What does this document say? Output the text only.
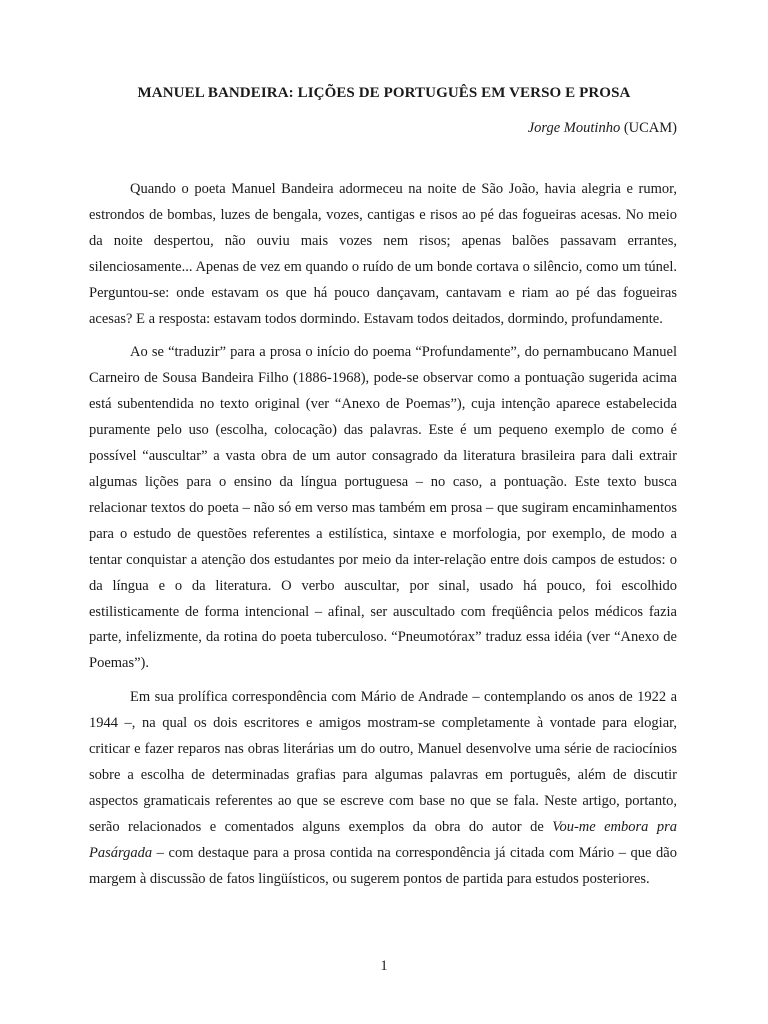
MANUEL BANDEIRA: LIÇÕES DE PORTUGUÊS EM VERSO E PROSA

Jorge Moutinho (UCAM)

Quando o poeta Manuel Bandeira adormeceu na noite de São João, havia alegria e rumor, estrondos de bombas, luzes de bengala, vozes, cantigas e risos ao pé das fogueiras acesas. No meio da noite despertou, não ouviu mais vozes nem risos; apenas balões passavam errantes, silenciosamente... Apenas de vez em quando o ruído de um bonde cortava o silêncio, como um túnel. Perguntou-se: onde estavam os que há pouco dançavam, cantavam e riam ao pé das fogueiras acesas? E a resposta: estavam todos dormindo. Estavam todos deitados, dormindo, profundamente.

Ao se “traduzir” para a prosa o início do poema “Profundamente”, do pernambucano Manuel Carneiro de Sousa Bandeira Filho (1886-1968), pode-se observar como a pontuação sugerida acima está subentendida no texto original (ver “Anexo de Poemas”), cuja intenção aparece estabelecida puramente pelo uso (escolha, colocação) das palavras. Este é um pequeno exemplo de como é possível “auscultar” a vasta obra de um autor consagrado da literatura brasileira para dali extrair algumas lições para o ensino da língua portuguesa – no caso, a pontuação. Este texto busca relacionar textos do poeta – não só em verso mas também em prosa – que sugiram encaminhamentos para o estudo de questões referentes a estilística, sintaxe e morfologia, por exemplo, de modo a tentar conquistar a atenção dos estudantes por meio da inter-relação entre dois campos de estudos: o da língua e o da literatura. O verbo auscultar, por sinal, usado há pouco, foi escolhido estilisticamente de forma intencional – afinal, ser auscultado com freqüência pelos médicos fazia parte, infelizmente, da rotina do poeta tuberculoso. “Pneumotórax” traduz essa idéia (ver “Anexo de Poemas”).

Em sua prolífica correspondência com Mário de Andrade – contemplando os anos de 1922 a 1944 –, na qual os dois escritores e amigos mostram-se completamente à vontade para elogiar, criticar e fazer reparos nas obras literárias um do outro, Manuel desenvolve uma série de raciocínios sobre a escolha de determinadas grafias para algumas palavras em português, além de discutir aspectos gramaticais referentes ao que se escreve com base no que se fala. Neste artigo, portanto, serão relacionados e comentados alguns exemplos da obra do autor de Vou-me embora pra Pasárgada – com destaque para a prosa contida na correspondência já citada com Mário – que dão margem à discussão de fatos lingüísticos, ou sugerem pontos de partida para estudos posteriores.

1
